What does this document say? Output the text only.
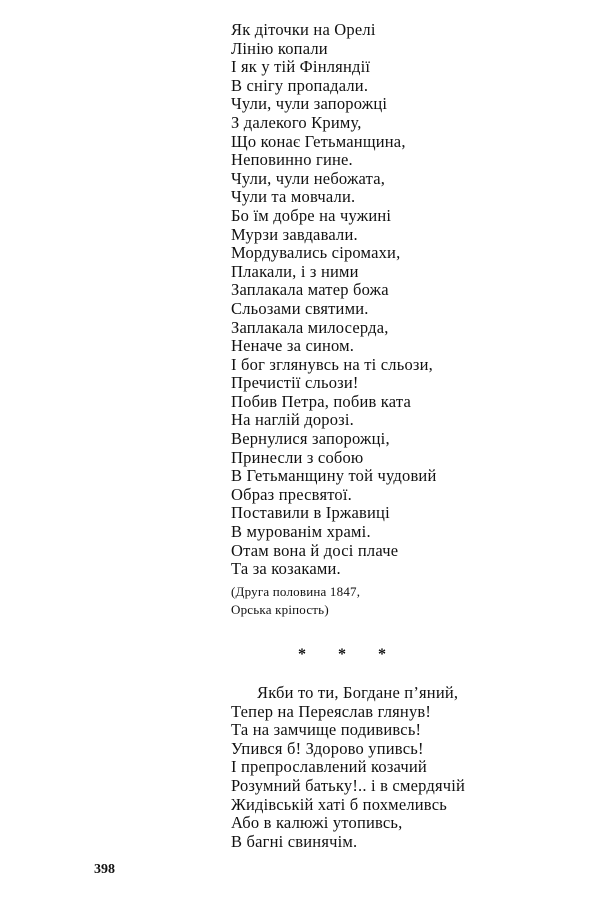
Як діточки на Орелі
Лінію копали
І як у тій Фінляндії
В снігу пропадали.
Чули, чули запорожці
З далекого Криму,
Що конає Гетьманщина,
Неповинно гине.
Чули, чули небожата,
Чули та мовчали.
Бо їм добре на чужині
Мурзи завдавали.
Мордувались сіромахи,
Плакали, і з ними
Заплакала матер божа
Сльозами святими.
Заплакала милосерда,
Неначе за сином.
І бог зглянувсь на ті сльози,
Пречистії сльози!
Побив Петра, побив ката
На наглій дорозі.
Вернулися запорожці,
Принесли з собою
В Гетьманщину той чудовий
Образ пресвятої.
Поставили в Іржавиці
В мурованім храмі.
Отам вона й досі плаче
Та за козаками.
(Друга половина 1847,
Орська кріпость)
* * *
Якби то ти, Богдане п’яний,
Тепер на Переяслав глянув!
Та на замчище подививсь!
Упився б! Здорово упивсь!
І препрославлений козачий
Розумний батьку!.. і в смердячій
Жидівській хаті б похмеливсь
Або в калюжі утопивсь,
В багні свинячім.
398
